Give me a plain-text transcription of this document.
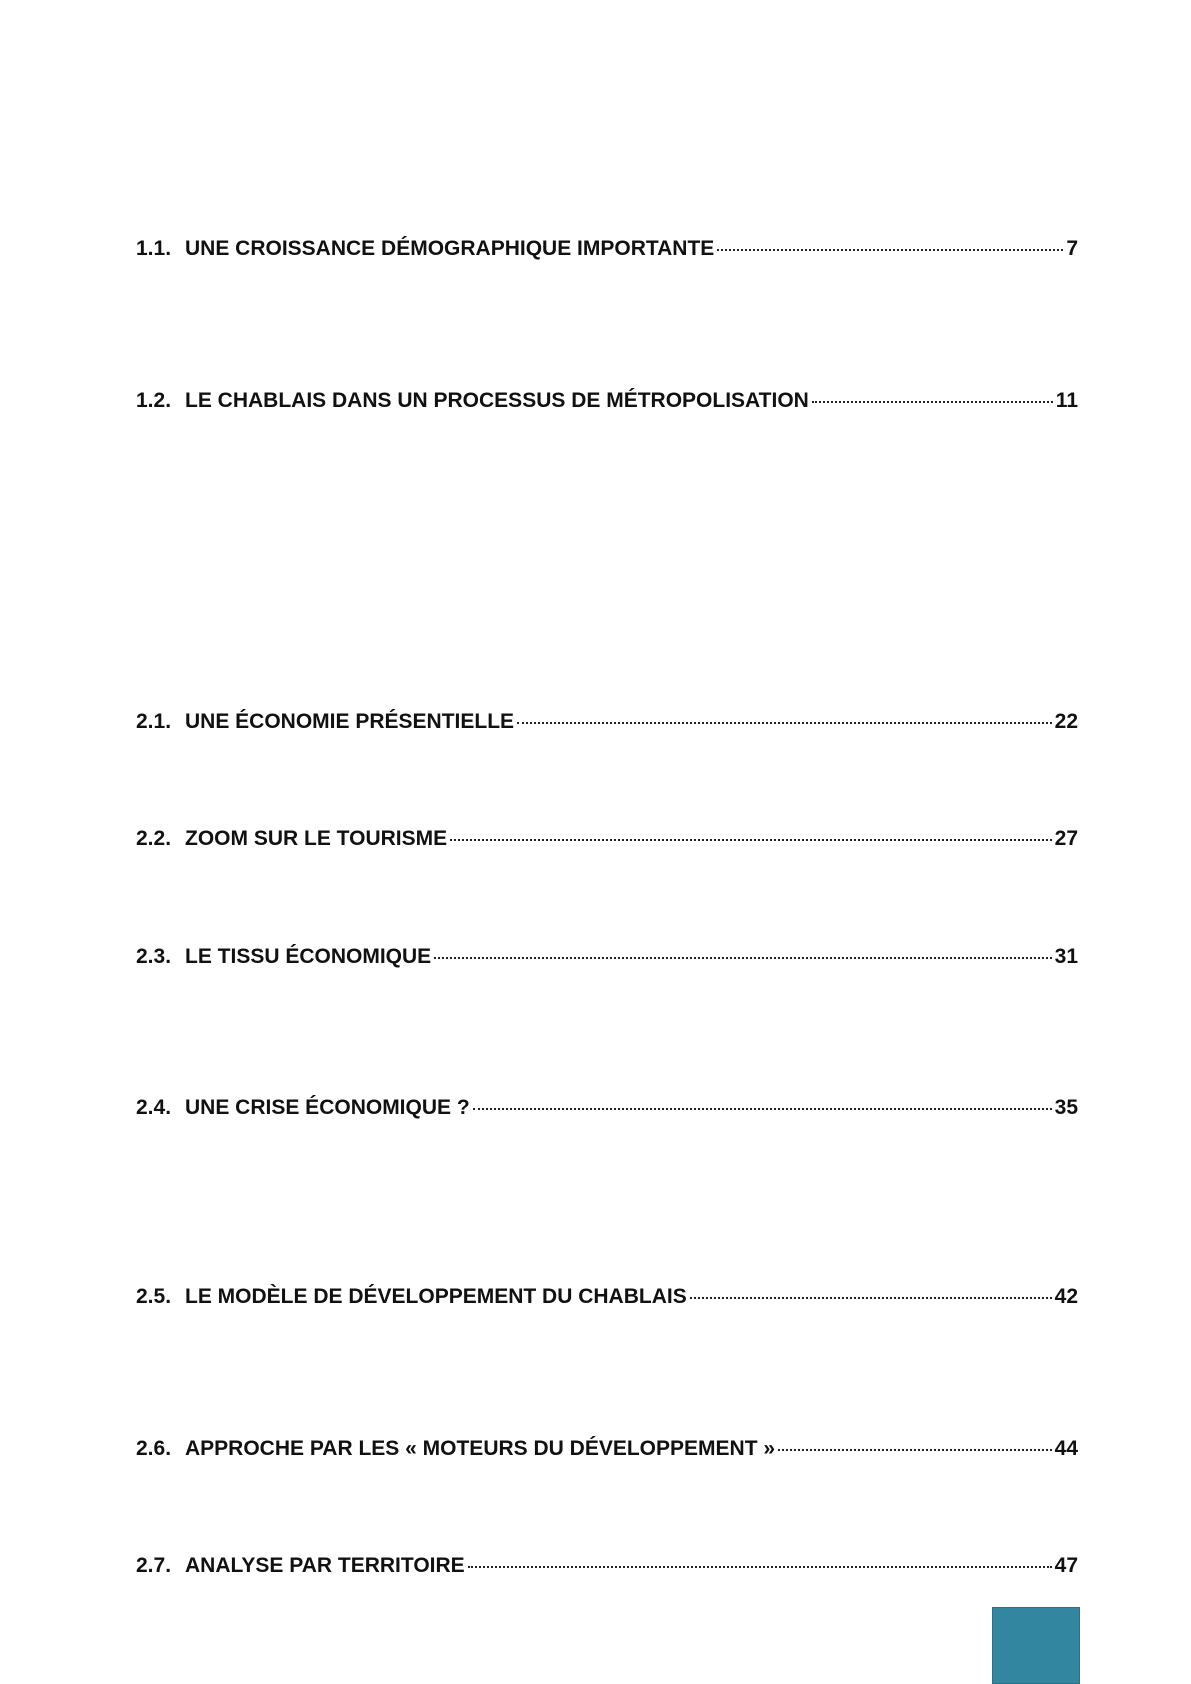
1.1. UNE CROISSANCE DÉMOGRAPHIQUE IMPORTANTE	7
1.2. LE CHABLAIS DANS UN PROCESSUS DE MÉTROPOLISATION	11
2.1. UNE ÉCONOMIE PRÉSENTIELLE	22
2.2. ZOOM SUR LE TOURISME	27
2.3. LE TISSU ÉCONOMIQUE	31
2.4. UNE CRISE ÉCONOMIQUE ?	35
2.5. LE MODÈLE DE DÉVELOPPEMENT DU CHABLAIS	42
2.6. APPROCHE PAR LES « MOTEURS DU DÉVELOPPEMENT »	44
2.7. ANALYSE PAR TERRITOIRE	47
